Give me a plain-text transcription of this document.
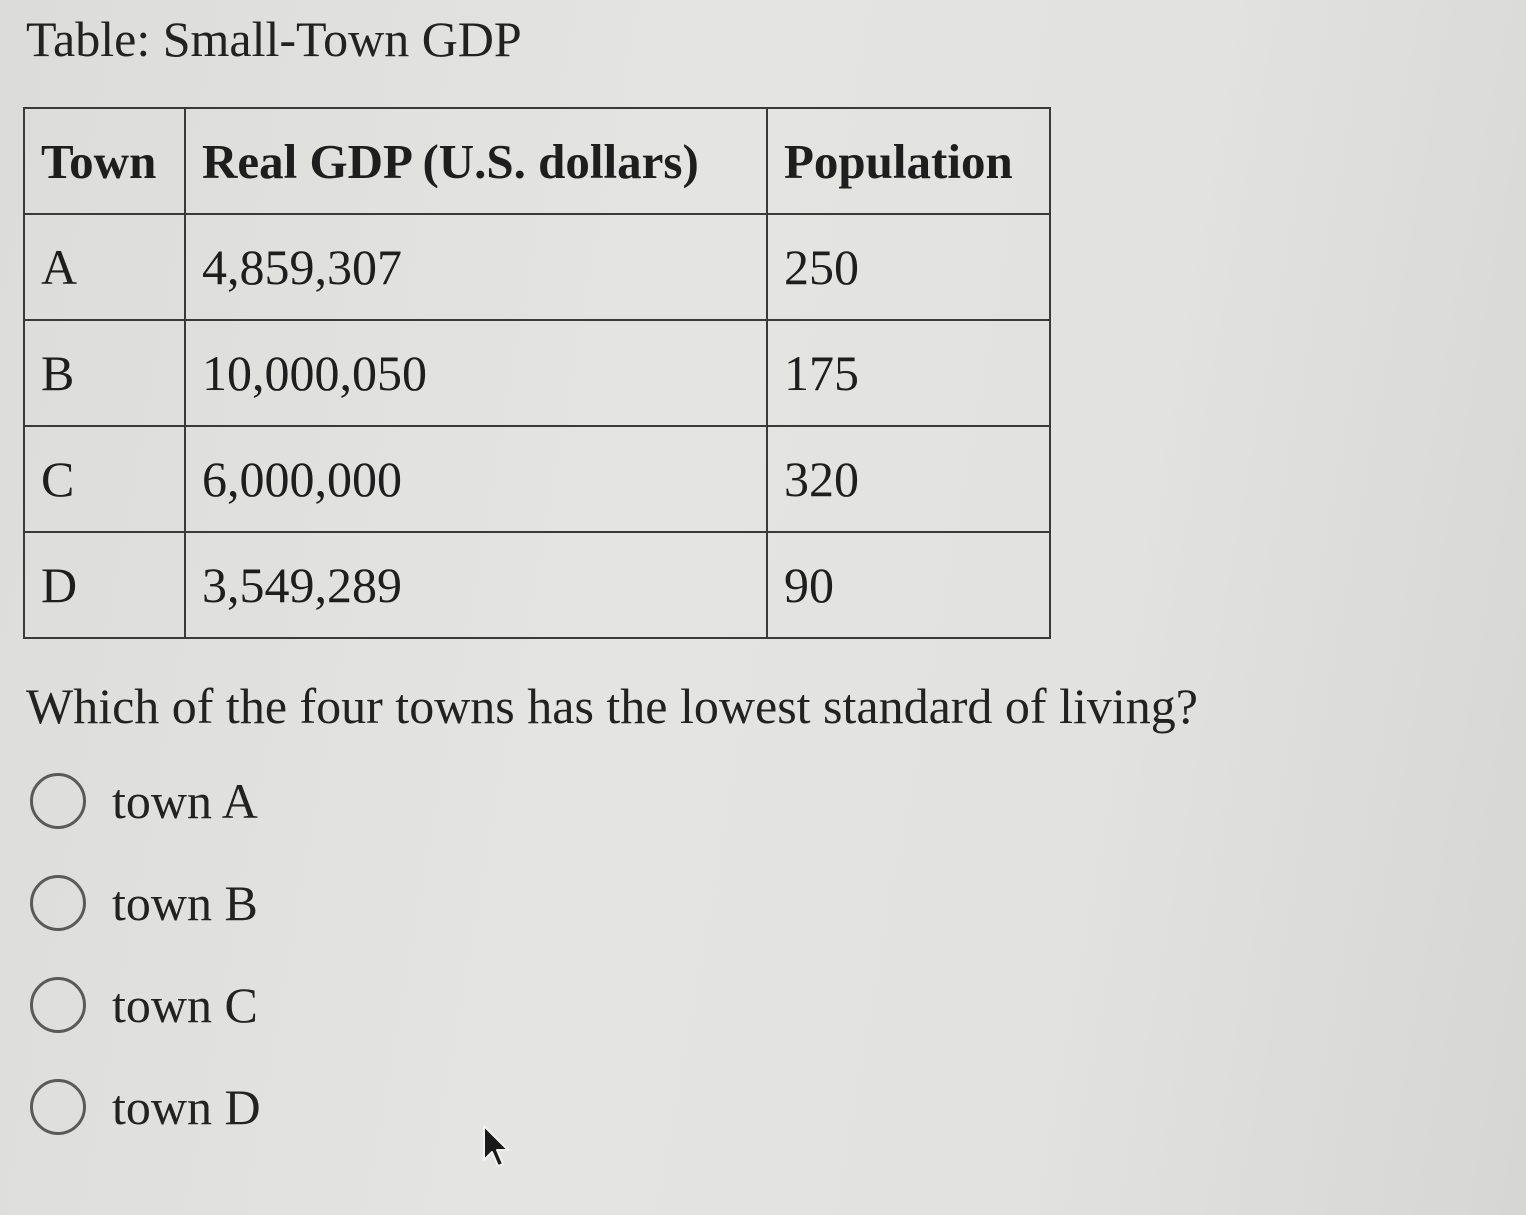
Table: Small-Town GDP
Town	Real GDP (U.S. dollars)	Population
A	4,859,307	250
B	10,000,050	175
C	6,000,000	320
D	3,549,289	90

Which of the four towns has the lowest standard of living?

town A
town B
town C
town D
